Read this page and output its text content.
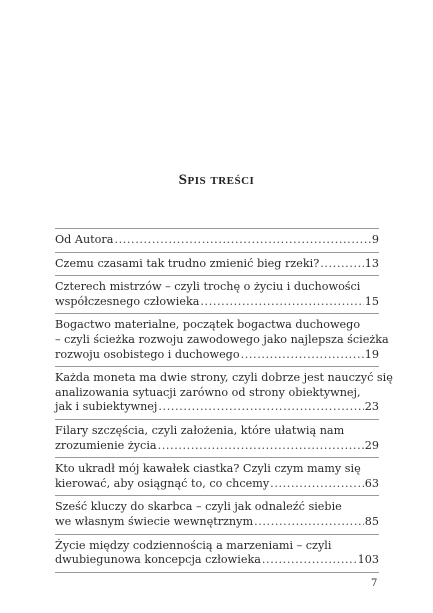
Spis treści
Od Autora .....	9
Czemu czasami tak trudno zmienić bieg rzeki? .....	13
Czterech mistrzów – czyli trochę o życiu i duchowości
współczesnego człowieka .....	15
Bogactwo materialne, początek bogactwa duchowego
– czyli ścieżka rozwoju zawodowego jako najlepsza ścieżka
rozwoju osobistego i duchowego .....	19
Każda moneta ma dwie strony, czyli dobrze jest nauczyć się
analizowania sytuacji zarówno od strony obiektywnej,
jak i subiektywnej .....	23
Filary szczęścia, czyli założenia, które ułatwią nam
zrozumienie życia .....	29
Kto ukradł mój kawałek ciastka? Czyli czym mamy się
kierować, aby osiągnąć to, co chcemy .....	63
Sześć kluczy do skarbca – czyli jak odnaleźć siebie
we własnym świecie wewnętrznym .....	85
Życie między codziennością a marzeniami – czyli
dwubiegunowa koncepcja człowieka .....	103
7
